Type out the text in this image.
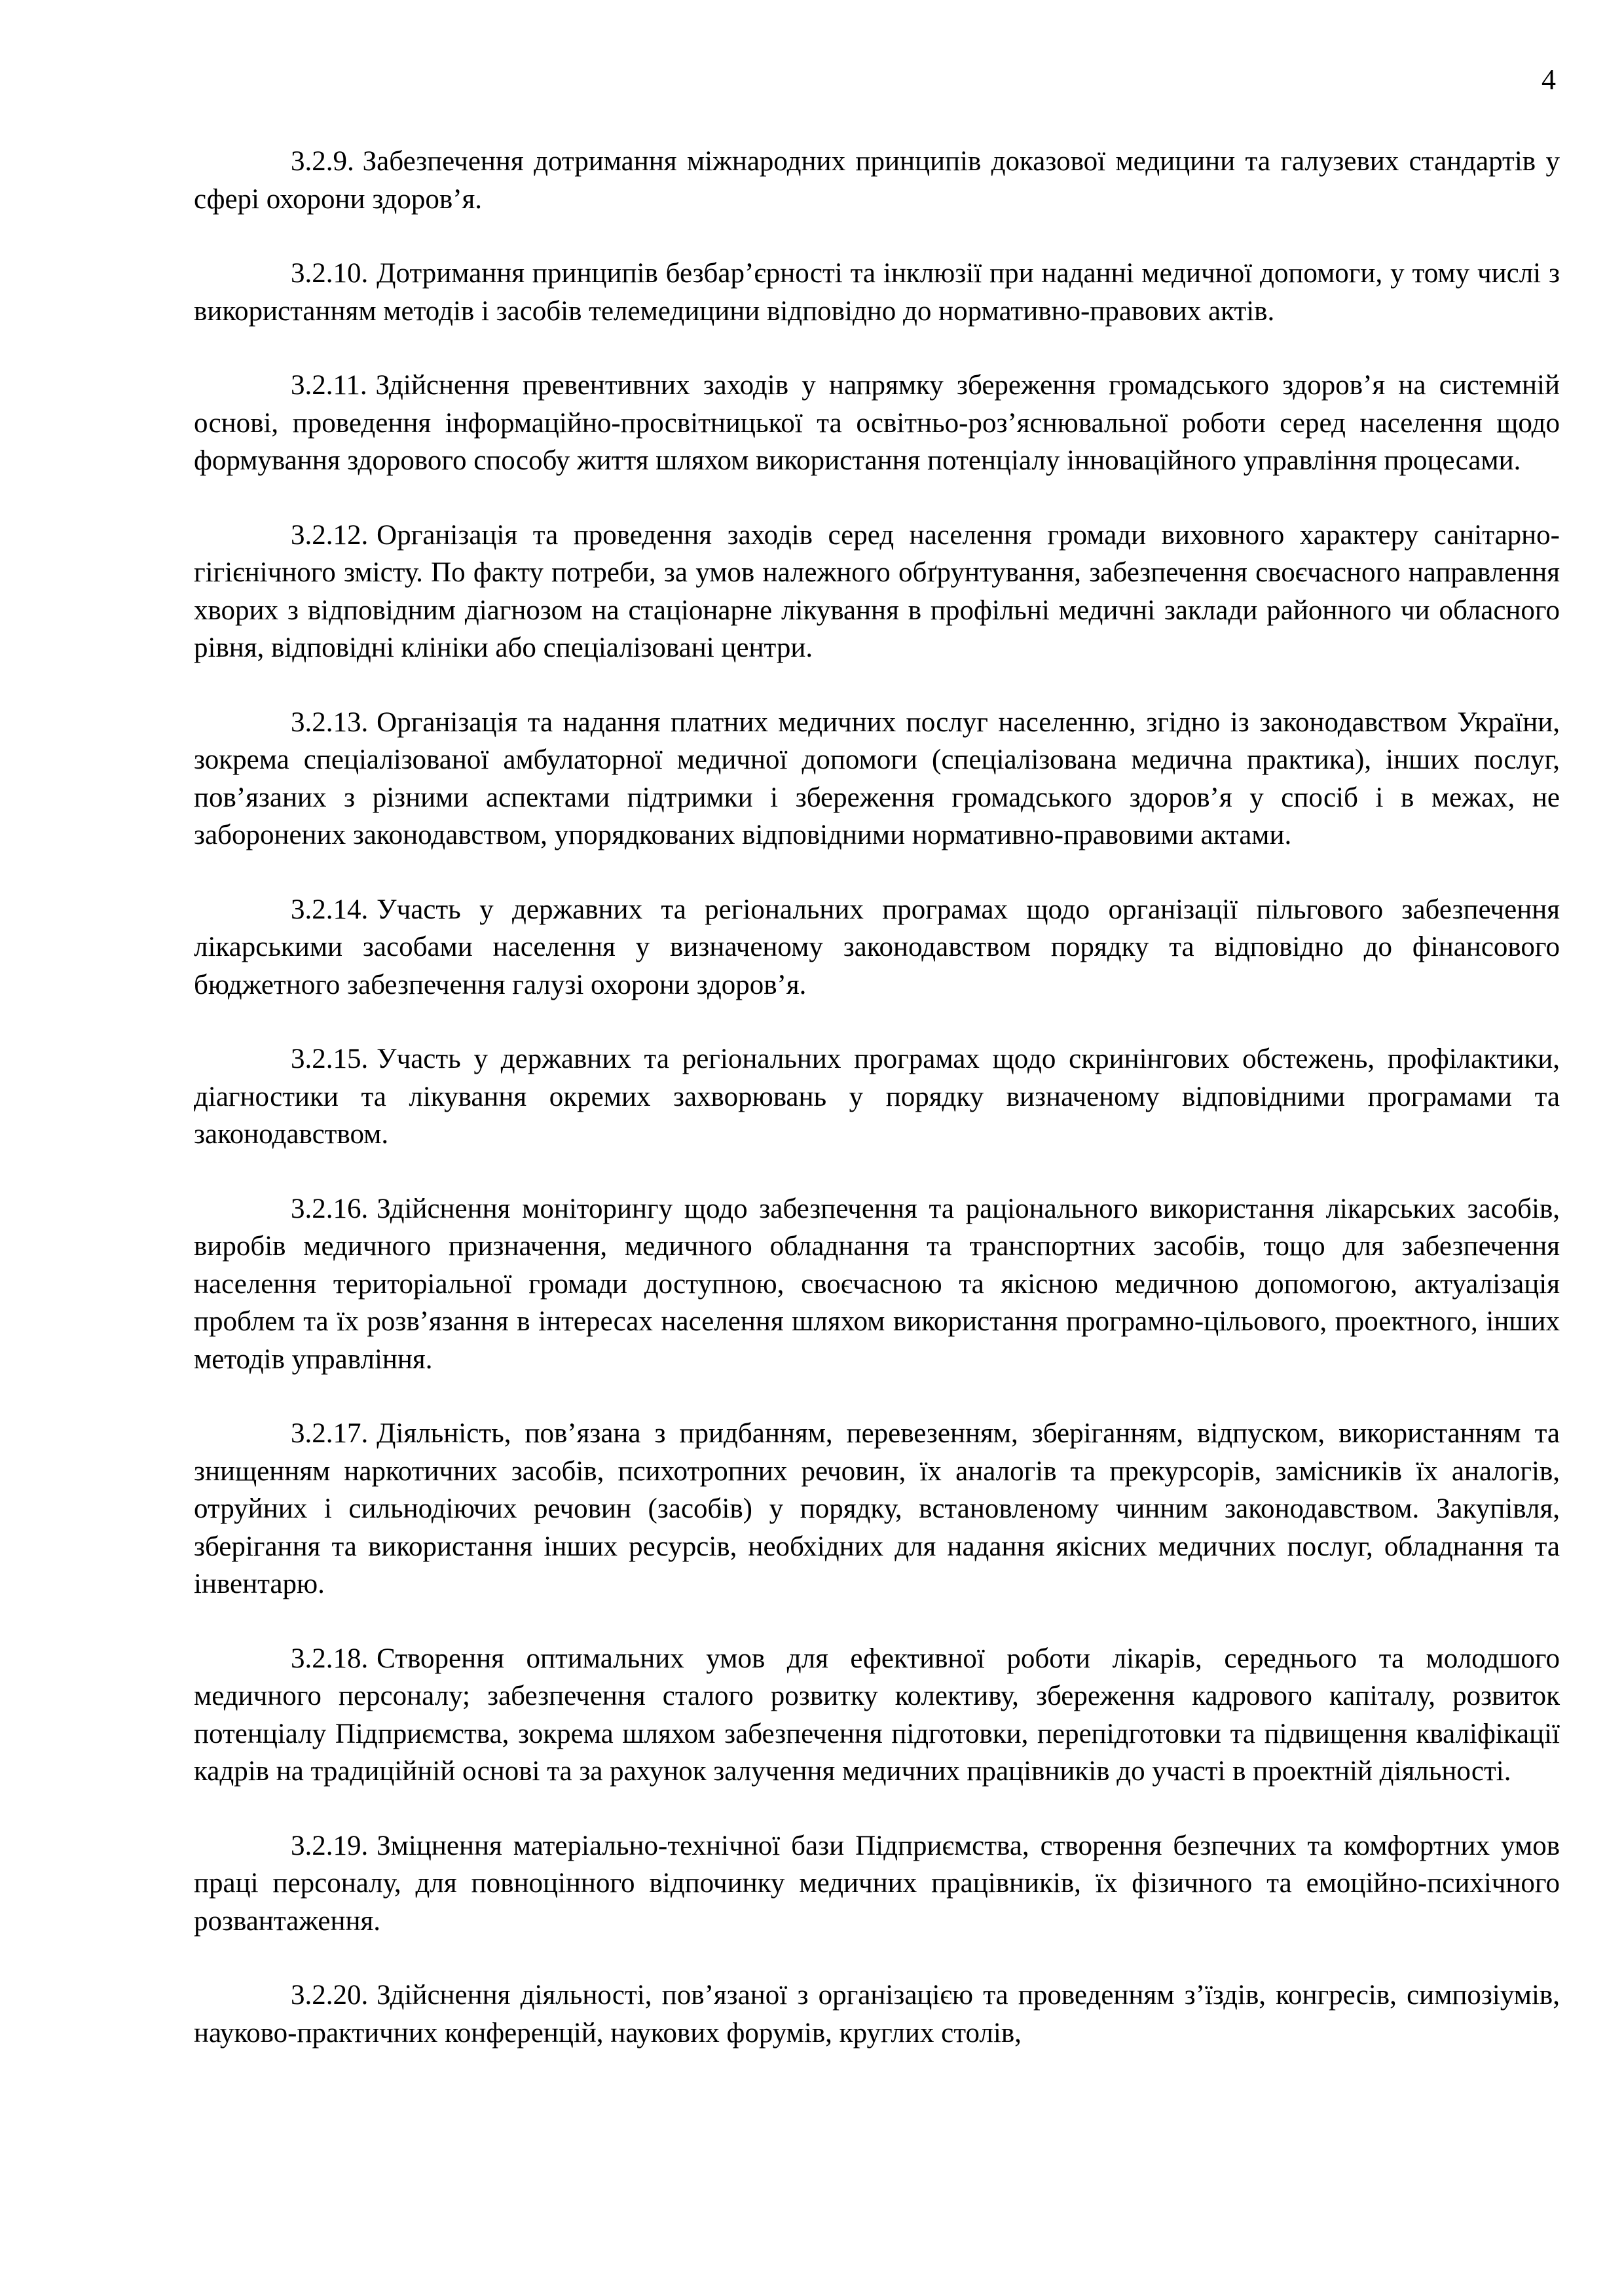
4

3.2.9. Забезпечення дотримання міжнародних принципів доказової медицини та галузевих стандартів у сфері охорони здоров’я.

3.2.10. Дотримання принципів безбар’єрності та інклюзії при наданні медичної допомоги, у тому числі з використанням методів і засобів телемедицини відповідно до нормативно-правових актів.

3.2.11. Здійснення превентивних заходів у напрямку збереження громадського здоров’я на системній основі, проведення інформаційно-просвітницької та освітньо-роз’яснювальної роботи серед населення щодо формування здорового способу життя шляхом використання потенціалу інноваційного управління процесами.

3.2.12. Організація та проведення заходів серед населення громади виховного характеру санітарно-гігієнічного змісту. По факту потреби, за умов належного обґрунтування, забезпечення своєчасного направлення хворих з відповідним діагнозом на стаціонарне лікування в профільні медичні заклади районного чи обласного рівня, відповідні клініки або спеціалізовані центри.

3.2.13. Організація та надання платних медичних послуг населенню, згідно із законодавством України, зокрема спеціалізованої амбулаторної медичної допомоги (спеціалізована медична практика), інших послуг, пов’язаних з різними аспектами підтримки і збереження громадського здоров’я у спосіб і в межах, не заборонених законодавством, упорядкованих відповідними нормативно-правовими актами.

3.2.14. Участь у державних та регіональних програмах щодо організації пільгового забезпечення лікарськими засобами населення у визначеному законодавством порядку та відповідно до фінансового бюджетного забезпечення галузі охорони здоров’я.

3.2.15. Участь у державних та регіональних програмах щодо скринінгових обстежень, профілактики, діагностики та лікування окремих захворювань у порядку визначеному відповідними програмами та законодавством.

3.2.16. Здійснення моніторингу щодо забезпечення та раціонального використання лікарських засобів, виробів медичного призначення, медичного обладнання та транспортних засобів, тощо для забезпечення населення територіальної громади доступною, своєчасною та якісною медичною допомогою, актуалізація проблем та їх розв’язання в інтересах населення шляхом використання програмно-цільового, проектного, інших методів управління.

3.2.17. Діяльність, пов’язана з придбанням, перевезенням, зберіганням, відпуском, використанням та знищенням наркотичних засобів, психотропних речовин, їх аналогів та прекурсорів, замісників їх аналогів, отруйних і сильнодіючих речовин (засобів) у порядку, встановленому чинним законодавством. Закупівля, зберігання та використання інших ресурсів, необхідних для надання якісних медичних послуг, обладнання та інвентарю.

3.2.18. Створення оптимальних умов для ефективної роботи лікарів, середнього та молодшого медичного персоналу; забезпечення сталого розвитку колективу, збереження кадрового капіталу, розвиток потенціалу Підприємства, зокрема шляхом забезпечення підготовки, перепідготовки та підвищення кваліфікації кадрів на традиційній основі та за рахунок залучення медичних працівників до участі в проектній діяльності.

3.2.19. Зміцнення матеріально-технічної бази Підприємства, створення безпечних та комфортних умов праці персоналу, для повноцінного відпочинку медичних працівників, їх фізичного та емоційно-психічного розвантаження.

3.2.20. Здійснення діяльності, пов’язаної з організацією та проведенням з’їздів, конгресів, симпозіумів, науково-практичних конференцій, наукових форумів, круглих столів,
